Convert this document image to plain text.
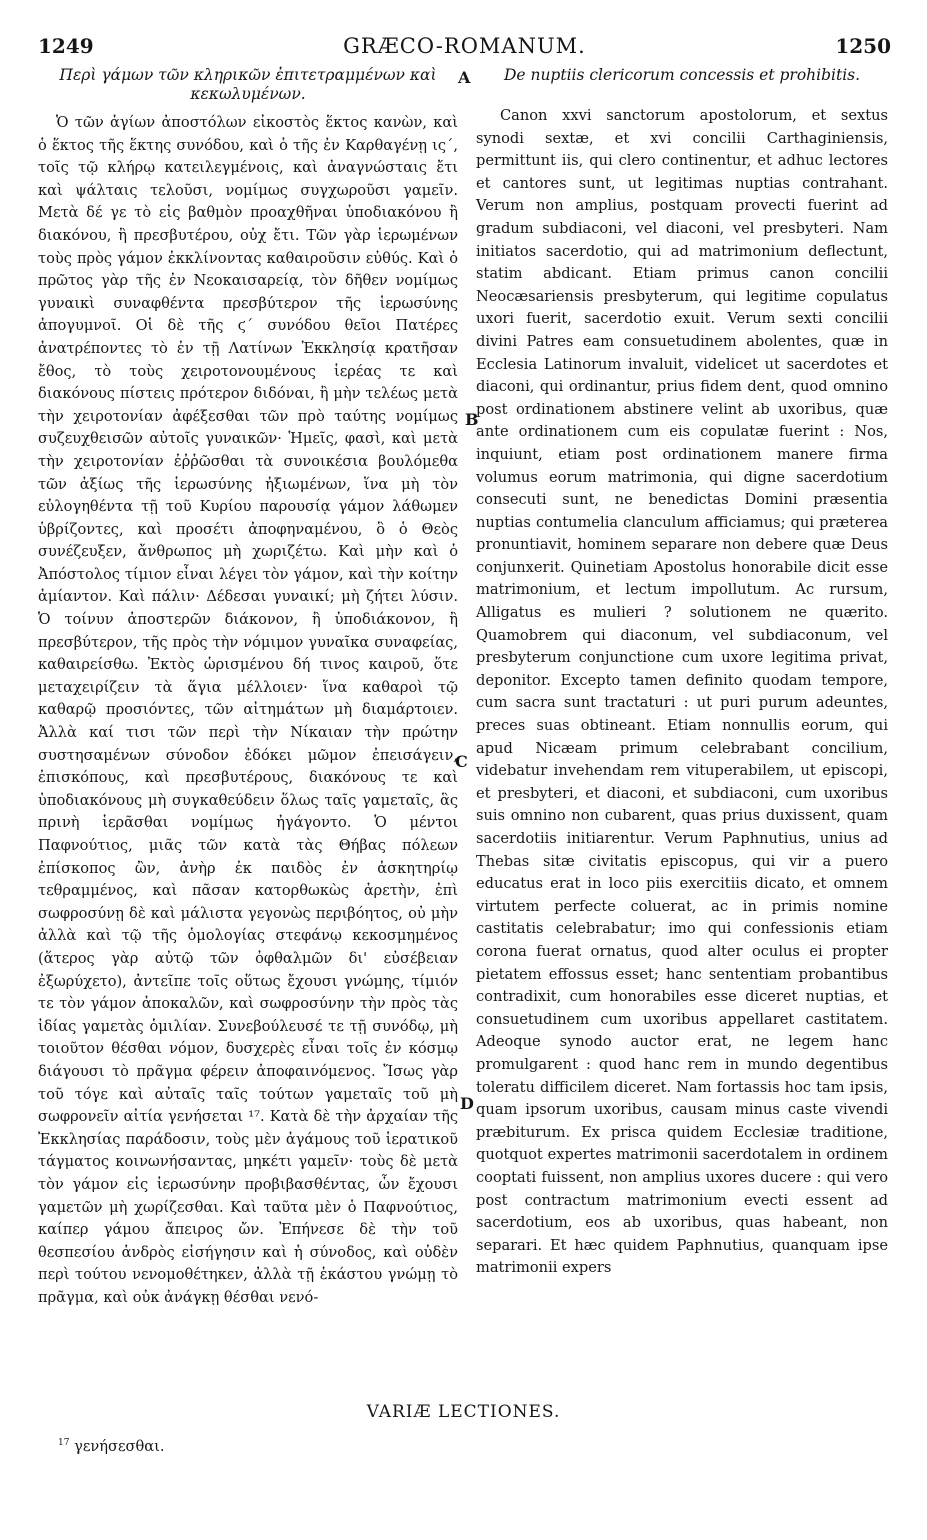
1249	GRÆCO-ROMANUM.	1250
Περὶ γάμων τῶν κληρικῶν ἐπιτετραμμένων καὶ κεκωλυμένων.

Ὁ τῶν ἁγίων ἀποστόλων εἰκοστὸς ἕκτος κανὼν, καὶ ὁ ἕκτος τῆς ἕκτης συνόδου, καὶ ὁ τῆς ἐν Καρθαγένῃ ις΄, τοῖς τῷ κλήρῳ κατειλεγμένοις, καὶ ἀναγνώσταις ἔτι καὶ ψάλταις τελοῦσι, νομίμως συγχωροῦσι γαμεῖν. Μετὰ δέ γε τὸ εἰς βαθμὸν προαχθῆναι ὑποδιακόνου ἢ διακόνου, ἢ πρεσβυτέρου, οὐχ ἔτι. Τῶν γὰρ ἱερωμένων τοὺς πρὸς γάμον ἐκκλίνοντας καθαιροῦσιν εὐθύς. Καὶ ὁ πρῶτος γὰρ τῆς ἐν Νεοκαισαρείᾳ, τὸν δῆθεν νομίμως γυναικὶ συναφθέντα πρεσβύτερον τῆς ἱερωσύνης ἀπογυμνοῖ. Οἱ δὲ τῆς ϛ΄ συνόδου θεῖοι Πατέρες ἀνατρέποντες τὸ ἐν τῇ Λατίνων Ἐκκλησίᾳ κρατῆσαν ἔθος, τὸ τοὺς χειροτονουμένους ἱερέας τε καὶ διακόνους πίστεις πρότερον διδόναι, ἢ μὴν τελέως μετὰ τὴν χειροτονίαν ἀφέξεσθαι τῶν πρὸ ταύτης νομίμως συζευχθεισῶν αὐτοῖς γυναικῶν· Ἡμεῖς, φασὶ, καὶ μετὰ τὴν χειροτονίαν ἐῤῥῶσθαι τὰ συνοικέσια βουλόμεθα τῶν ἀξίως τῆς ἱερωσύνης ἠξιωμένων, ἵνα μὴ τὸν εὐλογηθέντα τῇ τοῦ Κυρίου παρουσίᾳ γάμον λάθωμεν ὑβρίζοντες, καὶ προσέτι ἀποφηναμένου, ὃ ὁ Θεὸς συνέζευξεν, ἄνθρωπος μὴ χωριζέτω. Καὶ μὴν καὶ ὁ Ἀπόστολος τίμιον εἶναι λέγει τὸν γάμον, καὶ τὴν κοίτην ἀμίαντον. Καὶ πάλιν· Δέδεσαι γυναικί; μὴ ζήτει λύσιν. Ὁ τοίνυν ἀποστερῶν διάκονον, ἢ ὑποδιάκονον, ἢ πρεσβύτερον, τῆς πρὸς τὴν νόμιμον γυναῖκα συναφείας, καθαιρείσθω. Ἐκτὸς ὡρισμένου δή τινος καιροῦ, ὅτε μεταχειρίζειν τὰ ἅγια μέλλοιεν· ἵνα καθαροὶ τῷ καθαρῷ προσιόντες, τῶν αἰτημάτων μὴ διαμάρτοιεν. Ἀλλὰ καί τισι τῶν περὶ τὴν Νίκαιαν τὴν πρώτην συστησαμένων σύνοδον ἐδόκει μῶμον ἐπεισάγειν, ἐπισκόπους, καὶ πρεσβυτέρους, διακόνους τε καὶ ὑποδιακόνους μὴ συγκαθεύδειν ὅλως ταῖς γαμεταῖς, ἃς πρινὴ ἱερᾶσθαι νομίμως ἠγάγοντο. Ὁ μέντοι Παφνούτιος, μιᾶς τῶν κατὰ τὰς Θήβας πόλεων ἐπίσκοπος ὢν, ἀνὴρ ἐκ παιδὸς ἐν ἀσκητηρίῳ τεθραμμένος, καὶ πᾶσαν κατορθωκὼς ἀρετὴν, ἐπὶ σωφροσύνῃ δὲ καὶ μάλιστα γεγονὼς περιβόητος, οὐ μὴν ἀλλὰ καὶ τῷ τῆς ὁμολογίας στεφάνῳ κεκοσμημένος (ἅτερος γὰρ αὐτῷ τῶν ὀφθαλμῶν δι' εὐσέβειαν ἐξωρύχετο), ἀντεῖπε τοῖς οὕτως ἔχουσι γνώμης, τίμιόν τε τὸν γάμον ἀποκαλῶν, καὶ σωφροσύνην τὴν πρὸς τὰς ἰδίας γαμετὰς ὁμιλίαν. Συνεβούλευσέ τε τῇ συνόδῳ, μὴ τοιοῦτον θέσθαι νόμον, δυσχερὲς εἶναι τοῖς ἐν κόσμῳ διάγουσι τὸ πρᾶγμα φέρειν ἀποφαινόμενος. Ἴσως γὰρ τοῦ τόγε καὶ αὐταῖς ταῖς τούτων γαμεταῖς τοῦ μὴ σωφρονεῖν αἰτία γενήσεται ¹⁷. Κατὰ δὲ τὴν ἀρχαίαν τῆς Ἐκκλησίας παράδοσιν, τοὺς μὲν ἀγάμους τοῦ ἱερατικοῦ τάγματος κοινωνήσαντας, μηκέτι γαμεῖν· τοὺς δὲ μετὰ τὸν γάμον εἰς ἱερωσύνην προβιβασθέντας, ὧν ἔχουσι γαμετῶν μὴ χωρίζεσθαι. Καὶ ταῦτα μὲν ὁ Παφνούτιος, καίπερ γάμου ἄπειρος ὤν. Ἐπήνεσε δὲ τὴν τοῦ θεσπεσίου ἀνδρὸς εἰσήγησιν καὶ ἡ σύνοδος, καὶ οὐδὲν περὶ τούτου νενομοθέτηκεν, ἀλλὰ τῇ ἑκάστου γνώμῃ τὸ πρᾶγμα, καὶ οὐκ ἀνάγκῃ θέσθαι νενό-

De nuptiis clericorum concessis et prohibitis.

Canon xxvi sanctorum apostolorum, et sextus synodi sextæ, et xvi concilii Carthaginiensis, permittunt iis, qui clero continentur, et adhuc lectores et cantores sunt, ut legitimas nuptias contrahant. Verum non amplius, postquam provecti fuerint ad gradum subdiaconi, vel diaconi, vel presbyteri. Nam initiatos sacerdotio, qui ad matrimonium deflectunt, statim abdicant. Etiam primus canon concilii Neocæsariensis presbyterum, qui legitime copulatus uxori fuerit, sacerdotio exuit. Verum sexti concilii divini Patres eam consuetudinem abolentes, quæ in Ecclesia Latinorum invaluit, videlicet ut sacerdotes et diaconi, qui ordinantur, prius fidem dent, quod omnino post ordinationem abstinere velint ab uxoribus, quæ ante ordinationem cum eis copulatæ fuerint : Nos, inquiunt, etiam post ordinationem manere firma volumus eorum matrimonia, qui digne sacerdotium consecuti sunt, ne benedictas Domini præsentia nuptias contumelia clanculum afficiamus; qui præterea pronuntiavit, hominem separare non debere quæ Deus conjunxerit. Quinetiam Apostolus honorabile dicit esse matrimonium, et lectum impollutum. Ac rursum, Alligatus es mulieri ? solutionem ne quærito. Quamobrem qui diaconum, vel subdiaconum, vel presbyterum conjunctione cum uxore legitima privat, deponitor. Excepto tamen definito quodam tempore, cum sacra sunt tractaturi : ut puri purum adeuntes, preces suas obtineant. Etiam nonnullis eorum, qui apud Nicæam primum celebrabant concilium, videbatur invehendam rem vituperabilem, ut episcopi, et presbyteri, et diaconi, et subdiaconi, cum uxoribus suis omnino non cubarent, quas prius duxissent, quam sacerdotiis initiarentur. Verum Paphnutius, unius ad Thebas sitæ civitatis episcopus, qui vir a puero educatus erat in loco piis exercitiis dicato, et omnem virtutem perfecte coluerat, ac in primis nomine castitatis celebrabatur; imo qui confessionis etiam corona fuerat ornatus, quod alter oculus ei propter pietatem effossus esset; hanc sententiam probantibus contradixit, cum honorabiles esse diceret nuptias, et consuetudinem cum uxoribus appellaret castitatem. Adeoque synodo auctor erat, ne legem hanc promulgarent : quod hanc rem in mundo degentibus toleratu difficilem diceret. Nam fortassis hoc tam ipsis, quam ipsorum uxoribus, causam minus caste vivendi præbiturum. Ex prisca quidem Ecclesiæ traditione, quotquot expertes matrimonii sacerdotalem in ordinem cooptati fuissent, non amplius uxores ducere : qui vero post contractum matrimonium evecti essent ad sacerdotium, eos ab uxoribus, quas habeant, non separari. Et hæc quidem Paphnutius, quanquam ipse matrimonii expers

A
B
C
D
VARIÆ LECTIONES.
$^{17}$ γενήσεσθαι.
